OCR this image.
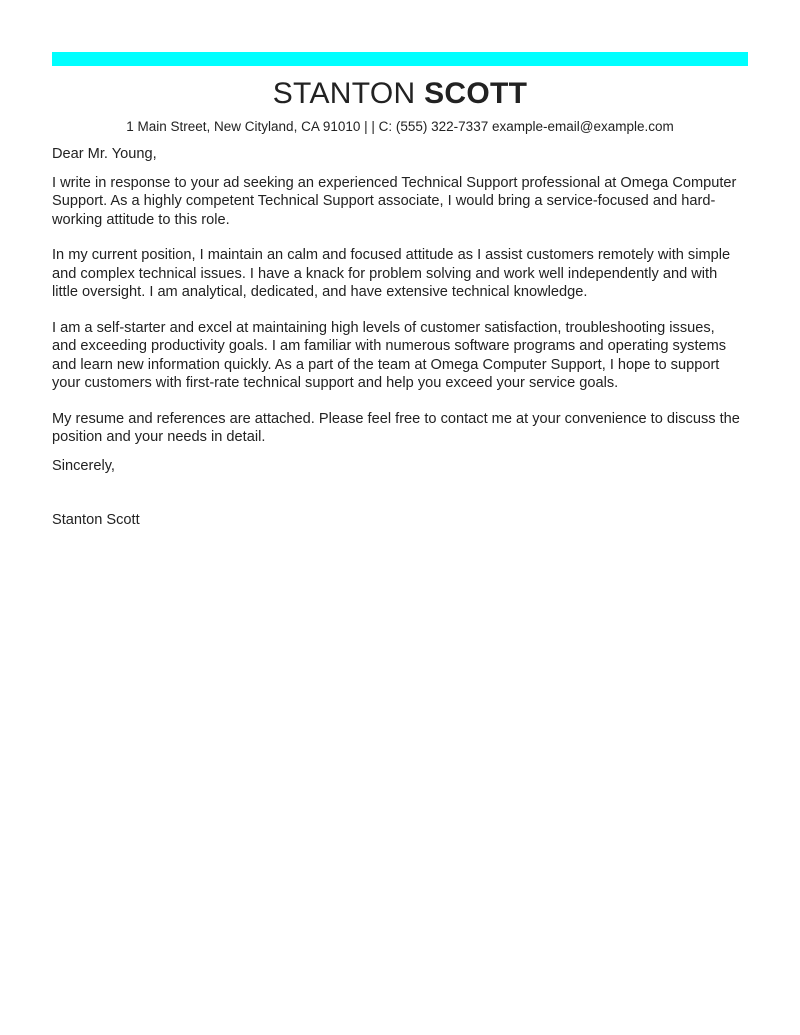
STANTON SCOTT
1 Main Street, New Cityland, CA 91010 | | C: (555) 322-7337 example-email@example.com

Dear Mr. Young,

I write in response to your ad seeking an experienced Technical Support professional at Omega Computer Support. As a highly competent Technical Support associate, I would bring a service-focused and hard-working attitude to this role.

In my current position, I maintain an calm and focused attitude as I assist customers remotely with simple and complex technical issues. I have a knack for problem solving and work well independently and with little oversight. I am analytical, dedicated, and have extensive technical knowledge.

I am a self-starter and excel at maintaining high levels of customer satisfaction, troubleshooting issues, and exceeding productivity goals. I am familiar with numerous software programs and operating systems and learn new information quickly. As a part of the team at Omega Computer Support, I hope to support your customers with first-rate technical support and help you exceed your service goals.

My resume and references are attached. Please feel free to contact me at your convenience to discuss the position and your needs in detail.

Sincerely,

Stanton Scott
